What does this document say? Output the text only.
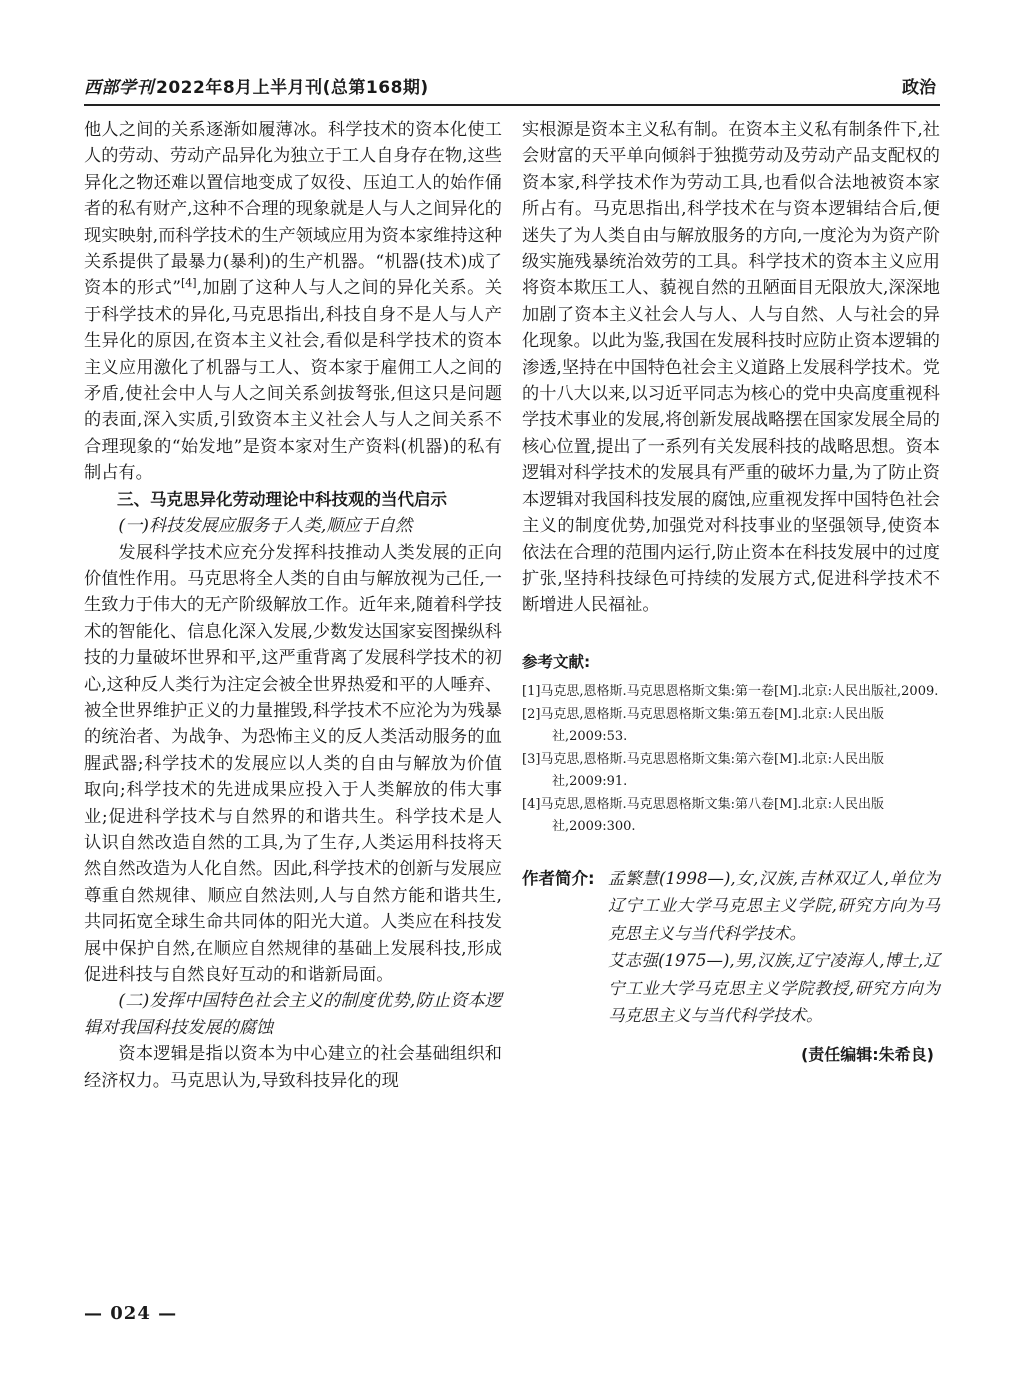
西部学刊 2022年8月上半月刊(总第168期)	政治

他人之间的关系逐渐如履薄冰。科学技术的资本化使工人的劳动、劳动产品异化为独立于工人自身存在物,这些异化之物还难以置信地变成了奴役、压迫工人的始作俑者的私有财产,这种不合理的现象就是人与人之间异化的现实映射,而科学技术的生产领域应用为资本家维持这种关系提供了最暴力(暴利)的生产机器。“机器(技术)成了资本的形式”[4],加剧了这种人与人之间的异化关系。关于科学技术的异化,马克思指出,科技自身不是人与人产生异化的原因,在资本主义社会,看似是科学技术的资本主义应用激化了机器与工人、资本家于雇佣工人之间的矛盾,使社会中人与人之间关系剑拔弩张,但这只是问题的表面,深入实质,引致资本主义社会人与人之间关系不合理现象的“始发地”是资本家对生产资料(机器)的私有制占有。

三、马克思异化劳动理论中科技观的当代启示

(一)科技发展应服务于人类,顺应于自然

发展科学技术应充分发挥科技推动人类发展的正向价值性作用。马克思将全人类的自由与解放视为己任,一生致力于伟大的无产阶级解放工作。近年来,随着科学技术的智能化、信息化深入发展,少数发达国家妄图操纵科技的力量破坏世界和平,这严重背离了发展科学技术的初心,这种反人类行为注定会被全世界热爱和平的人唾弃、被全世界维护正义的力量摧毁,科学技术不应沦为为残暴的统治者、为战争、为恐怖主义的反人类活动服务的血腥武器;科学技术的发展应以人类的自由与解放为价值取向;科学技术的先进成果应投入于人类解放的伟大事业;促进科学技术与自然界的和谐共生。科学技术是人认识自然改造自然的工具,为了生存,人类运用科技将天然自然改造为人化自然。因此,科学技术的创新与发展应尊重自然规律、顺应自然法则,人与自然方能和谐共生,共同拓宽全球生命共同体的阳光大道。人类应在科技发展中保护自然,在顺应自然规律的基础上发展科技,形成促进科技与自然良好互动的和谐新局面。

(二)发挥中国特色社会主义的制度优势,防止资本逻辑对我国科技发展的腐蚀

资本逻辑是指以资本为中心建立的社会基础组织和经济权力。马克思认为,导致科技异化的现

实根源是资本主义私有制。在资本主义私有制条件下,社会财富的天平单向倾斜于独揽劳动及劳动产品支配权的资本家,科学技术作为劳动工具,也看似合法地被资本家所占有。马克思指出,科学技术在与资本逻辑结合后,便迷失了为人类自由与解放服务的方向,一度沦为为资产阶级实施残暴统治效劳的工具。科学技术的资本主义应用将资本欺压工人、藐视自然的丑陋面目无限放大,深深地加剧了资本主义社会人与人、人与自然、人与社会的异化现象。以此为鉴,我国在发展科技时应防止资本逻辑的渗透,坚持在中国特色社会主义道路上发展科学技术。党的十八大以来,以习近平同志为核心的党中央高度重视科学技术事业的发展,将创新发展战略摆在国家发展全局的核心位置,提出了一系列有关发展科技的战略思想。资本逻辑对科学技术的发展具有严重的破坏力量,为了防止资本逻辑对我国科技发展的腐蚀,应重视发挥中国特色社会主义的制度优势,加强党对科技事业的坚强领导,使资本依法在合理的范围内运行,防止资本在科技发展中的过度扩张,坚持科技绿色可持续的发展方式,促进科学技术不断增进人民福祉。

参考文献:
[1]马克思,恩格斯.马克思恩格斯文集:第一卷[M].北京:人民出版社,2009.
[2]马克思,恩格斯.马克思恩格斯文集:第五卷[M].北京:人民出版社,2009:53.
[3]马克思,恩格斯.马克思恩格斯文集:第六卷[M].北京:人民出版社,2009:91.
[4]马克思,恩格斯.马克思恩格斯文集:第八卷[M].北京:人民出版社,2009:300.
作者简介: 孟繁慧(1998—),女,汉族,吉林双辽人,单位为辽宁工业大学马克思主义学院,研究方向为马克思主义与当代科学技术。

艾志强(1975—),男,汉族,辽宁凌海人,博士,辽宁工业大学马克思主义学院教授,研究方向为马克思主义与当代科学技术。

(责任编辑:朱希良)
— 024 —
